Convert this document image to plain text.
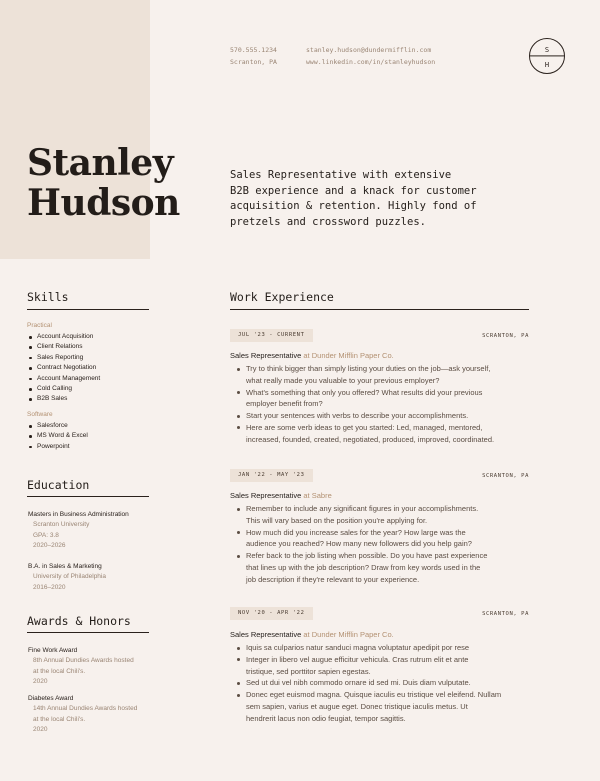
Stanley
Hudson
570.555.1234
Scranton, PA
stanley.hudson@dundermifflin.com
www.linkedin.com/in/stanleyhudson
S
H
Sales Representative with extensive
B2B experience and a knack for customer
acquisition & retention. Highly fond of
pretzels and crossword puzzles.
Skills
Practical
Account Acquisition
Client Relations
Sales Reporting
Contract Negotiation
Account Management
Cold Calling
B2B Sales
Software
Salesforce
MS Word & Excel
Powerpoint
Education
Masters in Business Administration
Scranton University
GPA: 3.8
2020–2026
B.A. in Sales & Marketing
University of Philadelphia
2016–2020
Awards & Honors
Fine Work Award
8th Annual Dundies Awards hosted
at the local Chili's.
2020
Diabetes Award
14th Annual Dundies Awards hosted
at the local Chili's.
2020
Work Experience
JUL '23 - CURRENT	SCRANTON, PA
Sales Representative at Dunder Mifflin Paper Co.
Try to think bigger than simply listing your duties on the job—ask yourself,
what really made you valuable to your previous employer?
What's something that only you offered? What results did your previous
employer benefit from?
Start your sentences with verbs to describe your accomplishments.
Here are some verb ideas to get you started: Led, managed, mentored,
increased, founded, created, negotiated, produced, improved, coordinated.
JAN '22 - MAY '23	SCRANTON, PA
Sales Representative at Sabre
Remember to include any significant figures in your accomplishments.
This will vary based on the position you're applying for.
How much did you increase sales for the year? How large was the
audience you reached? How many new followers did you help gain?
Refer back to the job listing when possible. Do you have past experience
that lines up with the job description? Draw from key words used in the
job description if they're relevant to your experience.
NOV '20 - APR '22	SCRANTON, PA
Sales Representative at Dunder Mifflin Paper Co.
Iquis sa culparios natur sanduci magna voluptatur apedipit por rese
Integer in libero vel augue efficitur vehicula. Cras rutrum elit et ante
tristique, sed porttitor sapien egestas.
Sed ut dui vel nibh commodo ornare id sed mi. Duis diam vulputate.
Donec eget euismod magna. Quisque iaculis eu tristique vel eleifend. Nullam
sem sapien, varius et augue eget. Donec tristique iaculis metus. Ut
hendrerit lacus non odio feugiat, tempor sagittis.
